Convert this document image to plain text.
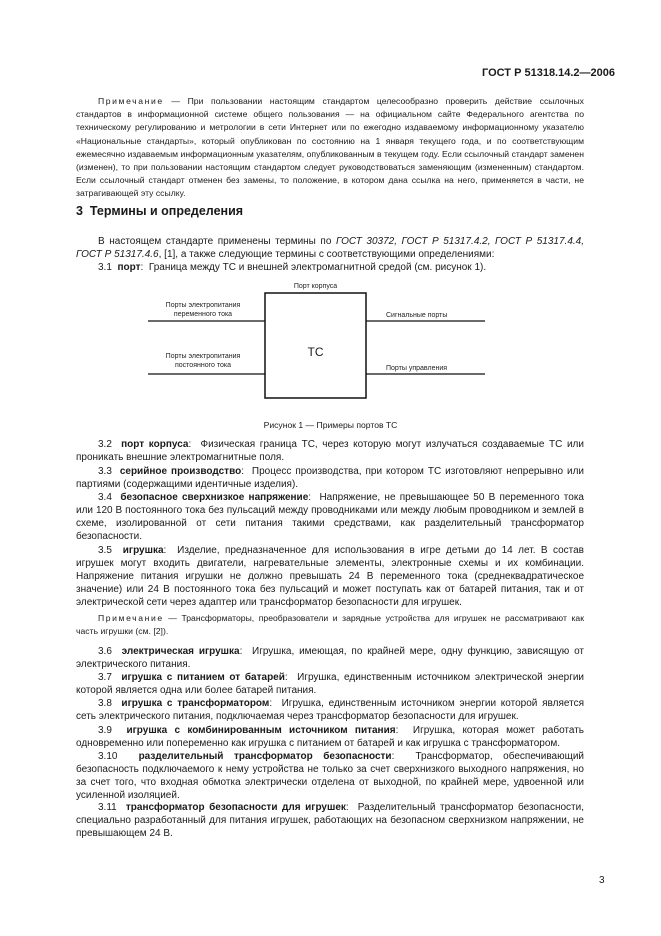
ГОСТ Р 51318.14.2—2006
Примечание — При пользовании настоящим стандартом целесообразно проверить действие ссылочных стандартов в информационной системе общего пользования — на официальном сайте Федерального агентства по техническому регулированию и метрологии в сети Интернет или по ежегодно издаваемому информационному указателю «Национальные стандарты», который опубликован по состоянию на 1 января текущего года, и по соответствующим ежемесячно издаваемым информационным указателям, опубликованным в текущем году. Если ссылочный стандарт заменен (изменен), то при пользовании настоящим стандартом следует руководствоваться заменяющим (измененным) стандартом. Если ссылочный стандарт отменен без замены, то положение, в котором дана ссылка на него, применяется в части, не затрагивающей эту ссылку.
3 Термины и определения
В настоящем стандарте применены термины по ГОСТ 30372, ГОСТ Р 51317.4.2, ГОСТ Р 51317.4.4, ГОСТ Р 51317.4.6, [1], а также следующие термины с соответствующими определениями:
3.1 порт:  Граница между ТС и внешней электромагнитной средой (см. рисунок 1).
Порт корпуса
Порты электропитания переменного тока
Порты электропитания постоянного тока
Сигнальные порты
Порты управления
ТС
Рисунок 1 — Примеры портов ТС
3.2 порт корпуса:  Физическая граница ТС, через которую могут излучаться создаваемые ТС или проникать внешние электромагнитные поля.
3.3 серийное производство:  Процесс производства, при котором ТС изготовляют непрерывно или партиями (содержащими идентичные изделия).
3.4 безопасное сверхнизкое напряжение:  Напряжение, не превышающее 50 В переменного тока или 120 В постоянного тока без пульсаций между проводниками или между любым проводником и землей в схеме, изолированной от сети питания такими средствами, как разделительный трансформатор безопасности.
3.5 игрушка:  Изделие, предназначенное для использования в игре детьми до 14 лет. В состав игрушек могут входить двигатели, нагревательные элементы, электронные схемы и их комбинации. Напряжение питания игрушки не должно превышать 24 В переменного тока (среднеквадратическое значение) или 24 В постоянного тока без пульсаций и может поступать как от батарей питания, так и от электрической сети через адаптер или трансформатор безопасности для игрушек.
Примечание — Трансформаторы, преобразователи и зарядные устройства для игрушек не рассматривают как часть игрушки (см. [2]).
3.6 электрическая игрушка:  Игрушка, имеющая, по крайней мере, одну функцию, зависящую от электрического питания.
3.7 игрушка с питанием от батарей:  Игрушка, единственным источником электрической энергии которой является одна или более батарей питания.
3.8 игрушка с трансформатором:  Игрушка, единственным источником энергии которой является сеть электрического питания, подключаемая через трансформатор безопасности для игрушек.
3.9 игрушка с комбинированным источником питания:  Игрушка, которая может работать одновременно или попеременно как игрушка с питанием от батарей и как игрушка с трансформатором.
3.10 разделительный трансформатор безопасности:  Трансформатор, обеспечивающий безопасность подключаемого к нему устройства не только за счет сверхнизкого выходного напряжения, но за счет того, что входная обмотка электрически отделена от выходной, по крайней мере, удвоенной или усиленной изоляцией.
3.11 трансформатор безопасности для игрушек:  Разделительный трансформатор безопасности, специально разработанный для питания игрушек, работающих на безопасном сверхнизком напряжении, не превышающем 24 В.
3
